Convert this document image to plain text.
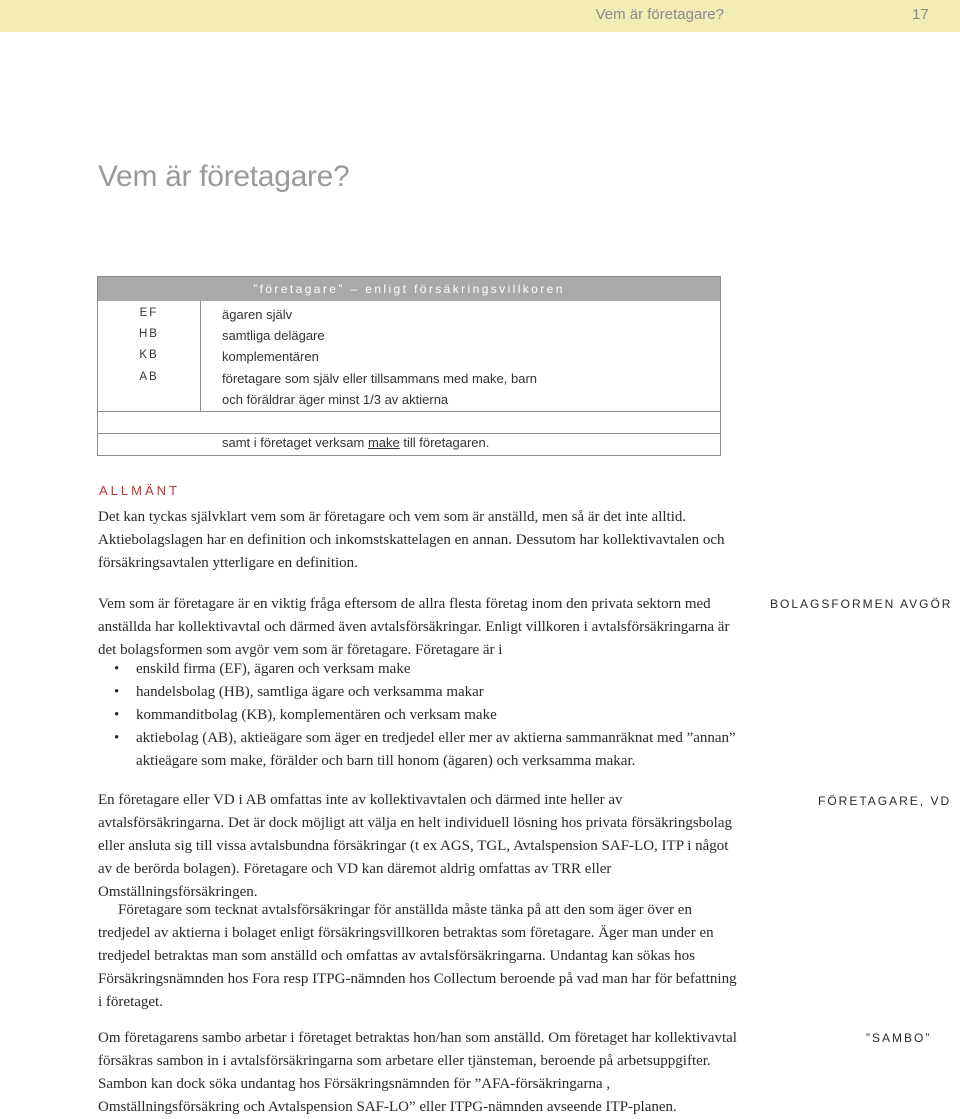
Vem är företagare?	17
Vem är företagare?
”företagare” – enligt försäkringsvillkoren
EF	ägaren själv
HB	samtliga delägare
KB	komplementären
AB	företagare som själv eller tillsammans med make, barn
och föräldrar äger minst 1/3 av aktierna
samt i företaget verksam make till företagaren.
ALLMÄNT

Det kan tyckas självklart vem som är företagare och vem som är anställd, men så är det inte alltid. Aktiebolagslagen har en definition och inkomstskattelagen en annan. Dessutom har kollektivavtalen och försäkringsavtalen ytterligare en definition.

Vem som är företagare är en viktig fråga eftersom de allra flesta företag inom den privata sektorn med anställda har kollektivavtal och därmed även avtalsförsäkringar. Enligt villkoren i avtalsförsäkringarna är det bolagsformen som avgör vem som är företagare. Företagare är i

BOLAGSFORMEN AVGÖR
• enskild firma (EF), ägaren och verksam make
• handelsbolag (HB), samtliga ägare och verksamma makar
• kommanditbolag (KB), komplementären och verksam make
• aktiebolag (AB), aktieägare som äger en tredjedel eller mer av aktierna sammanräknat med ”annan” aktieägare som make, förälder och barn till honom (ägaren) och verksamma makar.

En företagare eller VD i AB omfattas inte av kollektivavtalen och därmed inte heller av avtalsförsäkringarna. Det är dock möjligt att välja en helt individuell lösning hos privata försäkringsbolag eller ansluta sig till vissa avtalsbundna försäkringar (t ex AGS, TGL, Avtalspension SAF-LO, ITP i något av de berörda bolagen). Företagare och VD kan däremot aldrig omfattas av TRR eller Omställningsförsäkringen.

FÖRETAGARE, VD

Företagare som tecknat avtalsförsäkringar för anställda måste tänka på att den som äger över en tredjedel av aktierna i bolaget enligt försäkringsvillkoren betraktas som företagare. Äger man under en tredjedel betraktas man som anställd och omfattas av avtalsförsäkringarna. Undantag kan sökas hos Försäkringsnämnden hos Fora resp ITPG-nämnden hos Collectum beroende på vad man har för befattning i företaget.

Om företagarens sambo arbetar i företaget betraktas hon/han som anställd. Om företaget har kollektivavtal försäkras sambon in i avtalsförsäkringarna som arbetare eller tjänsteman, beroende på arbetsuppgifter. Sambon kan dock söka undantag hos Försäkringsnämnden för ”AFA-försäkringarna , Omställningsförsäkring och Avtalspension SAF-LO” eller ITPG-nämnden avseende ITP-planen.

”SAMBO”
